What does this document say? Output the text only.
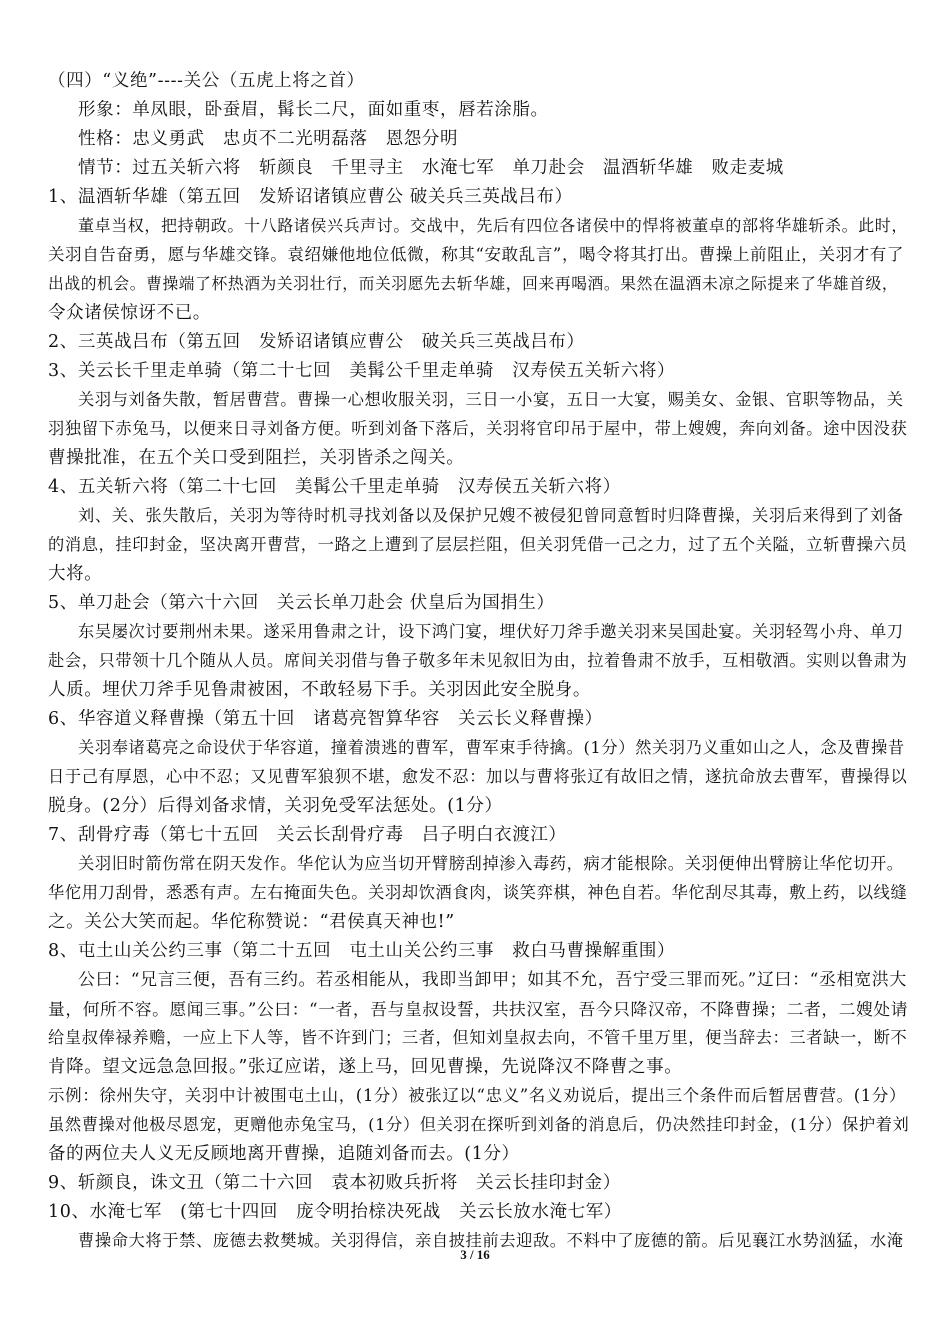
（四）“义绝”----关公（五虎上将之首）
形象：单凤眼，卧蚕眉，髯长二尺，面如重枣，唇若涂脂。
性格：忠义勇武　忠贞不二光明磊落　恩怨分明
情节：过五关斩六将　斩颜良　千里寻主　水淹七军　单刀赴会　温酒斩华雄　败走麦城
1、温酒斩华雄（第五回　发矫诏诸镇应曹公 破关兵三英战吕布）
董卓当权，把持朝政。十八路诸侯兴兵声讨。交战中，先后有四位各诸侯中的悍将被董卓的部将华雄斩杀。此时，
关羽自告奋勇，愿与华雄交锋。袁绍嫌他地位低微，称其“安敢乱言”，喝令将其打出。曹操上前阻止，关羽才有了
出战的机会。曹操端了杯热酒为关羽壮行，而关羽愿先去斩华雄，回来再喝酒。果然在温酒未凉之际提来了华雄首级，
令众诸侯惊讶不已。
2、三英战吕布（第五回　发矫诏诸镇应曹公　破关兵三英战吕布）
3、关云长千里走单骑（第二十七回　美髯公千里走单骑　汉寿侯五关斩六将）
关羽与刘备失散，暂居曹营。曹操一心想收服关羽，三日一小宴，五日一大宴，赐美女、金银、官职等物品，关
羽独留下赤兔马，以便来日寻刘备方便。听到刘备下落后，关羽将官印吊于屋中，带上嫂嫂，奔向刘备。途中因没获
曹操批准，在五个关口受到阻拦，关羽皆杀之闯关。
4、五关斩六将（第二十七回　美髯公千里走单骑　汉寿侯五关斩六将）
刘、关、张失散后，关羽为等待时机寻找刘备以及保护兄嫂不被侵犯曾同意暂时归降曹操，关羽后来得到了刘备
的消息，挂印封金，坚决离开曹营，一路之上遭到了层层拦阻，但关羽凭借一己之力，过了五个关隘，立斩曹操六员
大将。
5、单刀赴会（第六十六回　关云长单刀赴会 伏皇后为国捐生）
东吴屡次讨要荆州未果。遂采用鲁肃之计，设下鸿门宴，埋伏好刀斧手邀关羽来吴国赴宴。关羽轻驾小舟、单刀
赴会，只带领十几个随从人员。席间关羽借与鲁子敬多年未见叙旧为由，拉着鲁肃不放手，互相敬酒。实则以鲁肃为
人质。埋伏刀斧手见鲁肃被困，不敢轻易下手。关羽因此安全脱身。
6、华容道义释曹操（第五十回　诸葛亮智算华容　关云长义释曹操）
关羽奉诸葛亮之命设伏于华容道，撞着溃逃的曹军，曹军束手待擒。(1分）然关羽乃义重如山之人，念及曹操昔
日于己有厚恩，心中不忍；又见曹军狼狈不堪，愈发不忍：加以与曹将张辽有故旧之情，遂抗命放去曹军，曹操得以
脱身。(2分）后得刘备求情，关羽免受军法惩处。(1分）
7、刮骨疗毒（第七十五回　关云长刮骨疗毒　吕子明白衣渡江）
关羽旧时箭伤常在阴天发作。华佗认为应当切开臂膀刮掉渗入毒药，病才能根除。关羽便伸出臂膀让华佗切开。
华佗用刀刮骨，悉悉有声。左右掩面失色。关羽却饮酒食肉，谈笑弈棋，神色自若。华佗刮尽其毒，敷上药，以线缝
之。关公大笑而起。华佗称赞说：“君侯真天神也!”
8、屯土山关公约三事（第二十五回　屯土山关公约三事　救白马曹操解重围）
公曰：“兄言三便，吾有三约。若丞相能从，我即当卸甲；如其不允，吾宁受三罪而死。”辽曰：“丞相宽洪大
量，何所不容。愿闻三事。”公曰：“一者，吾与皇叔设誓，共扶汉室，吾今只降汉帝，不降曹操；二者，二嫂处请
给皇叔俸禄养赡，一应上下人等，皆不许到门；三者，但知刘皇叔去向，不管千里万里，便当辞去：三者缺一，断不
肯降。望文远急急回报。”张辽应诺，遂上马，回见曹操，先说降汉不降曹之事。
示例：徐州失守，关羽中计被围屯土山，(1分）被张辽以“忠义”名义劝说后，提出三个条件而后暂居曹营。(1分）
虽然曹操对他极尽恩宠，更赠他赤兔宝马，(1分）但关羽在探听到刘备的消息后，仍决然挂印封金，(1分）保护着刘
备的两位夫人义无反顾地离开曹操，追随刘备而去。(1分）
9、斩颜良，诛文丑（第二十六回　袁本初败兵折将　关云长挂印封金）
10、水淹七军　(第七十四回　庞令明抬榇决死战　关云长放水淹七军）
曹操命大将于禁、庞德去救樊城。关羽得信，亲自披挂前去迎敌。不料中了庞德的箭。后见襄江水势汹猛，水淹
3 / 16
